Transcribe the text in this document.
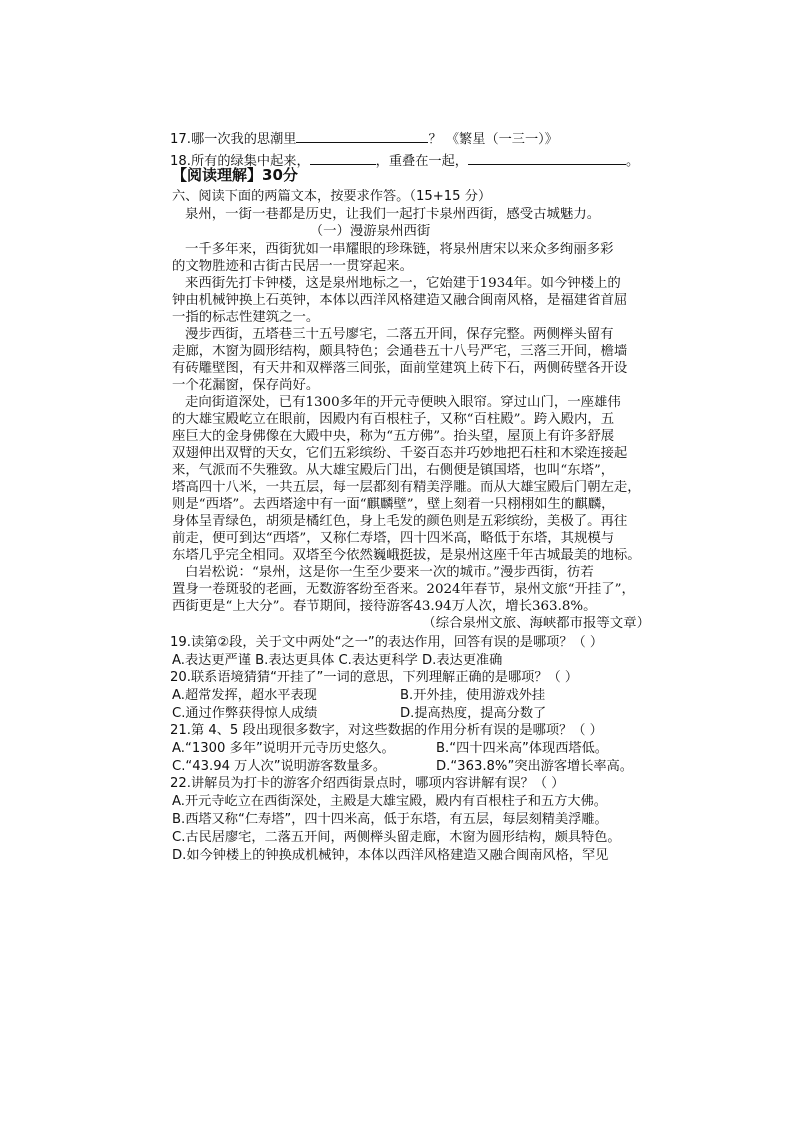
17.哪一次我的思潮里	？ 《繁星（一三一）》
18.所有的绿集中起来，	，重叠在一起，	。
【阅读理解】30分
六、阅读下面的两篇文本，按要求作答。（15+15 分）
泉州，一街一巷都是历史，让我们一起打卡泉州西街，感受古城魅力。
（一）漫游泉州西街
一千多年来，西街犹如一串耀眼的珍珠链，将泉州唐宋以来众多绚丽多彩
的文物胜迹和古街古民居一一贯穿起来。
来西街先打卡钟楼，这是泉州地标之一，它始建于1934年。如今钟楼上的
钟由机械钟换上石英钟，本体以西洋风格建造又融合闽南风格，是福建省首屈
一指的标志性建筑之一。
漫步西街，五塔巷三十五号廖宅，二落五开间，保存完整。两侧榉头留有
走廊，木窗为圆形结构，颇具特色；会通巷五十八号严宅，三落三开间，檐墙
有砖雕壁图，有天井和双榉落三间张，面前堂建筑上砖下石，两侧砖壁各开设
一个花漏窗，保存尚好。
走向街道深处，已有1300多年的开元寺便映入眼帘。穿过山门，一座雄伟
的大雄宝殿屹立在眼前，因殿内有百根柱子，又称“百柱殿”。跨入殿内，五
座巨大的金身佛像在大殿中央，称为“五方佛”。抬头望，屋顶上有许多舒展
双翅伸出双臂的天女，它们五彩缤纷、千姿百态并巧妙地把石柱和木梁连接起
来，气派而不失雅致。从大雄宝殿后门出，右侧便是镇国塔，也叫“东塔”，
塔高四十八米，一共五层，每一层都刻有精美浮雕。而从大雄宝殿后门朝左走，
则是“西塔”。去西塔途中有一面“麒麟壁”，壁上刻着一只栩栩如生的麒麟，
身体呈青绿色，胡须是橘红色，身上毛发的颜色则是五彩缤纷，美极了。再往
前走，便可到达“西塔”，又称仁寿塔，四十四米高，略低于东塔，其规模与
东塔几乎完全相同。双塔至今依然巍峨挺拔，是泉州这座千年古城最美的地标。
白岩松说：“泉州，这是你一生至少要来一次的城市。”漫步西街，彷若
置身一卷斑驳的老画，无数游客纷至沓来。2024年春节，泉州文旅“开挂了”，
西街更是“上大分”。春节期间，接待游客43.94万人次，增长363.8%。
（综合泉州文旅、海峡都市报等文章）
19.读第②段，关于文中两处“之一”的表达作用，回答有误的是哪项？（ ）
A.表达更严谨 B.表达更具体 C.表达更科学 D.表达更准确
20.联系语境猜猜“开挂了”一词的意思，下列理解正确的是哪项？（ ）
A.超常发挥，超水平表现	B.开外挂，使用游戏外挂
C.通过作弊获得惊人成绩	D.提高热度，提高分数了
21.第 4、5 段出现很多数字，对这些数据的作用分析有误的是哪项？（ ）
A.“1300 多年”说明开元寺历史悠久。	B.“四十四米高”体现西塔低。
C.“43.94 万人次”说明游客数量多。	D.“363.8%”突出游客增长率高。
22.讲解员为打卡的游客介绍西街景点时，哪项内容讲解有误？（ ）
A.开元寺屹立在西街深处，主殿是大雄宝殿，殿内有百根柱子和五方大佛。
B.西塔又称“仁寿塔”，四十四米高，低于东塔，有五层，每层刻精美浮雕。
C.古民居廖宅，二落五开间，两侧榉头留走廊，木窗为圆形结构，颇具特色。
D.如今钟楼上的钟换成机械钟，本体以西洋风格建造又融合闽南风格，罕见
